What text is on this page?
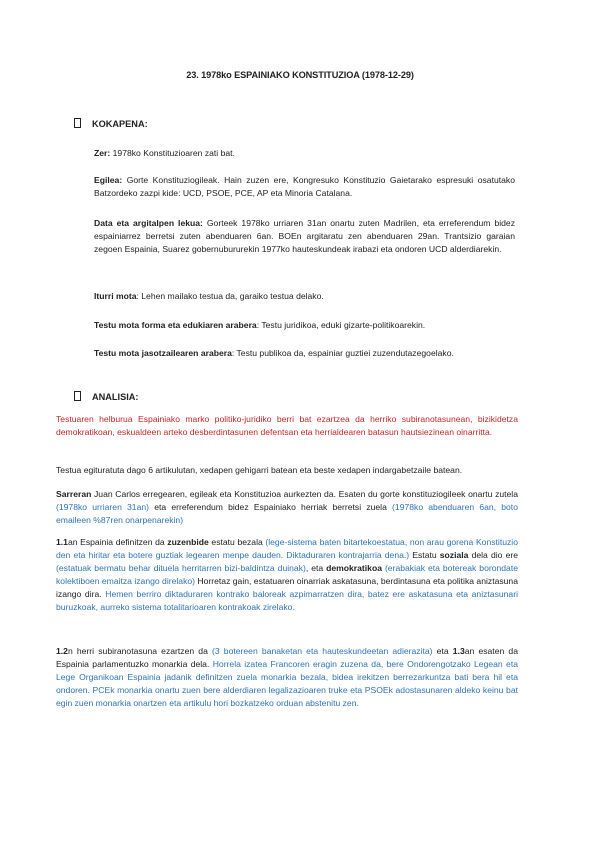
23. 1978ko ESPAINIAKO KONSTITUZIOA (1978-12-29)
KOKAPENA:
Zer: 1978ko Konstituzioaren zati bat.
Egilea: Gorte Konstituziogileak. Hain zuzen ere, Kongresuko Konstituzio Gaietarako espresuki osatutako Batzordeko zazpi kide: UCD, PSOE, PCE, AP eta Minoria Catalana.
Data eta argitalpen lekua: Gorteek 1978ko urriaren 31an onartu zuten Madrilen, eta erreferendum bidez espainiarrez berretsi zuten abenduaren 6an. BOEn argitaratu zen abenduaren 29an. Trantsizio garaian zegoen Espainia, Suarez gobernubururekin 1977ko hauteskundeak irabazi eta ondoren UCD alderdiarekin.
Iturri mota: Lehen mailako testua da, garaiko testua delako.
Testu mota forma eta edukiaren arabera: Testu juridikoa, eduki gizarte-politikoarekin.
Testu mota jasotzailearen arabera: Testu publikoa da, espainiar guztiei zuzendutazegoelako.
ANALISIA:
Testuaren helburua Espainiako marko politiko-juridiko berri bat ezartzea da herriko subiranotasunean, bizikidetza demokratikoan, eskualdeen arteko desberdintasunen defentsan eta herrialdearen batasun hautsiezinean oinarritta.
Testua egituratuta dago 6 artikulutan, xedapen gehigarri batean eta beste xedapen indargabetzaile batean.
Sarreran Juan Carlos erregearen, egileak eta Konstituzioa aurkezten da. Esaten du gorte konstituziogileek onartu zutela (1978ko urriaren 31an) eta erreferendum bidez Espainiako herriak berretsi zuela (1978ko abenduaren 6an, boto emaileen %87ren onarpenarekin)
1.1an Espainia definitzen da zuzenbide estatu bezala (lege-sistema baten bitartekoestatua, non arau gorena Konstituzio den eta hiritar eta botere guztiak legearen menpe dauden. Diktaduraren kontrajarria dena.) Estatu soziala dela dio ere (estatuak bermatu behar dituela herritarren bizi-baldintza duinak), eta demokratikoa (erabakiak eta botereak borondate kolektiboen emaitza izango direlako) Horretaz gain, estatuaren oinarriak askatasuna, berdintasuna eta politika aniztasuna izango dira. Hemen berriro diktaduraren kontrako baloreak azpimarratzen dira, batez ere askatasuna eta aniztasunari buruzkoak, aurreko sistema totalitarioaren kontrakoak zirelako.
1.2n herri subiranotasuna ezartzen da (3 botereen banaketan eta hauteskundeetan adierazita) eta 1.3an esaten da Espainia parlamentuzko monarkia dela. Horrela izatea Francoren eragin zuzena da, bere Ondorengotzako Legean eta Lege Organikoan Espainia jadanik definitzen zuela monarkia bezala, bidea irekitzen berrezarkuntza bati bera hil eta ondoren. PCEk monarkia onartu zuen bere alderdiaren legalizazioaren truke eta PSOEk adostasunaren aldeko keinu bat egin zuen monarkia onartzen eta artikulu hori bozkatzeko orduan abstenitu zen.
